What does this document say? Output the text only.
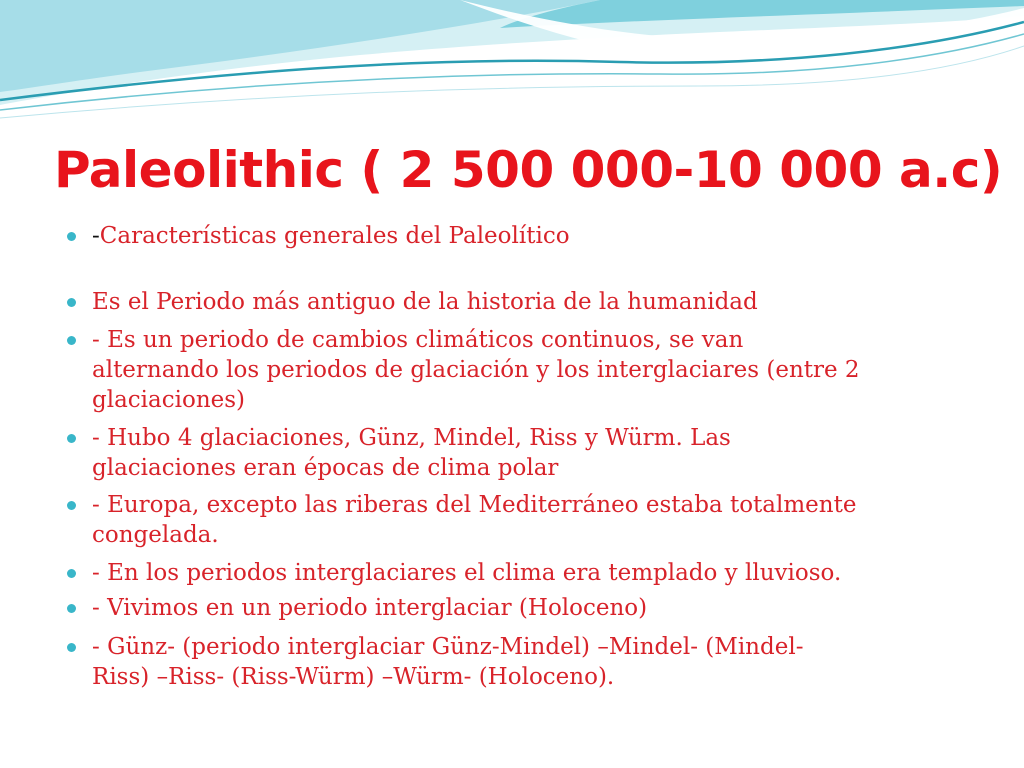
Paleolithic ( 2 500 000-10 000 a.c)
-Características generales del Paleolítico
Es el Periodo más antiguo de la historia de la humanidad
- Es un periodo de cambios climáticos continuos, se van
alternando los periodos de glaciación y los interglaciares (entre 2
glaciaciones)
- Hubo 4 glaciaciones, Günz, Mindel, Riss y Würm. Las
glaciaciones eran épocas de clima polar
- Europa, excepto las riberas del Mediterráneo estaba totalmente
congelada.
- En los periodos interglaciares el clima era templado y lluvioso.
- Vivimos en un periodo interglaciar (Holoceno)
- Günz- (periodo interglaciar Günz-Mindel) –Mindel- (Mindel-
Riss) –Riss- (Riss-Würm) –Würm- (Holoceno).
